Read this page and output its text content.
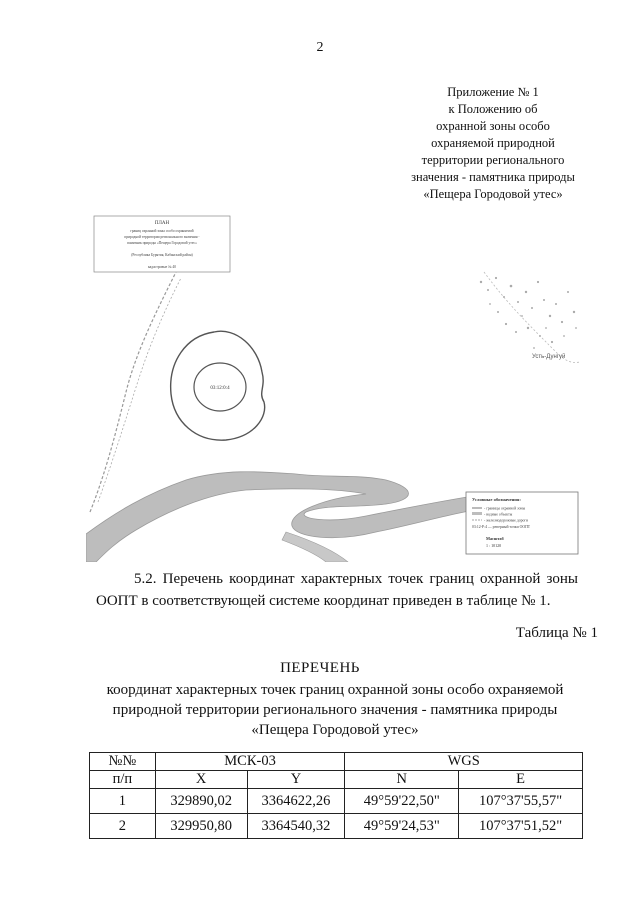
2
Приложение № 1
к Положению об
охранной зоны особо
охраняемой природной
территории регионального
значения - памятника природы
«Пещера Городовой утес»
ПЛАН
границ охранной зоны особо охраняемой
природной территории регионального значения -
памятник природы «Пещера Городовой утес»
(Республика Бурятия, Кабанский район)
кадастровые № 40
03:12:0:4
Усть-Дунгуй
Условные обозначения:
- границы охранной зоны
- водные объекты
- железнодорожные дороги
03:12-P:4 — реперный точки ООПТ
Масштаб
1 : 10120
5.2. Перечень координат характерных точек границ охранной зоны ООПТ в соответствующей системе координат приведен в таблице № 1.
Таблица № 1
ПЕРЕЧЕНЬ
координат характерных точек границ охранной зоны особо охраняемой природной территории регионального значения - памятника природы «Пещера Городовой утес»
№№	МСК-03		WGS	
п/п	X	Y	N	E
1	329890,02	3364622,26	49°59'22,50"	107°37'55,57"
2	329950,80	3364540,32	49°59'24,53"	107°37'51,52"
